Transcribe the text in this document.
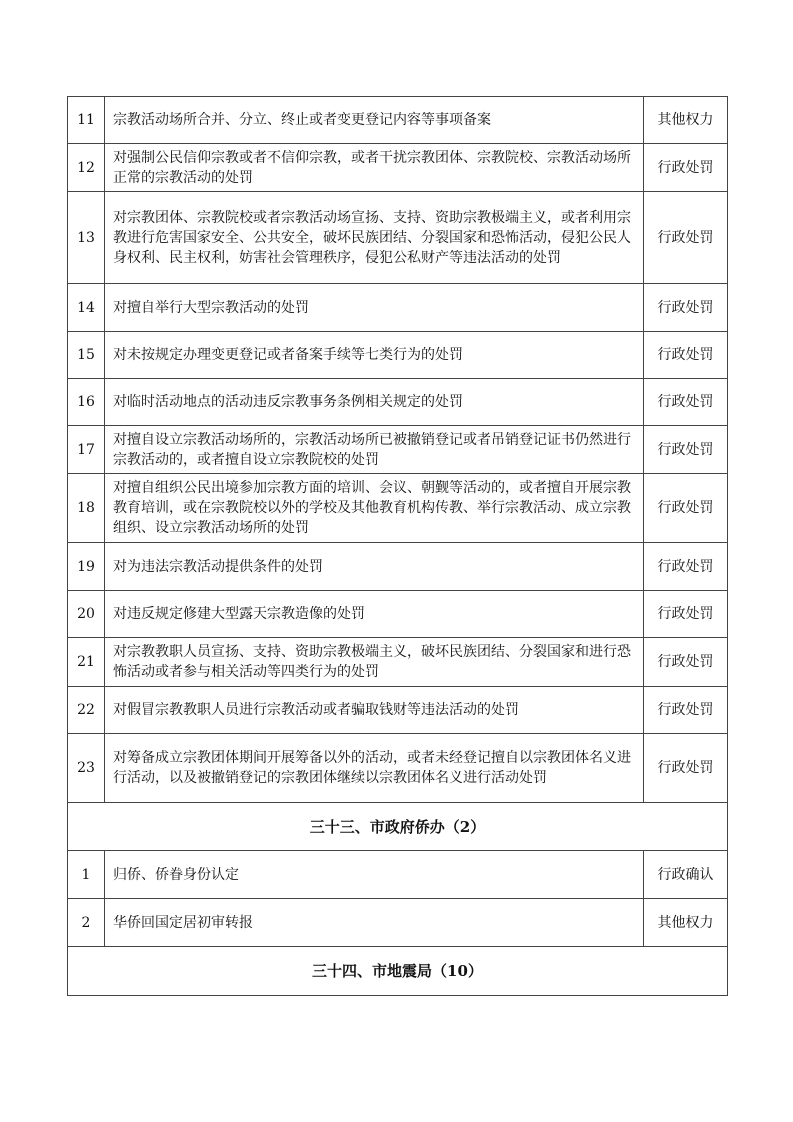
11	宗教活动场所合并、分立、终止或者变更登记内容等事项备案	其他权力
12	对强制公民信仰宗教或者不信仰宗教，或者干扰宗教团体、宗教院校、宗教活动场所正常的宗教活动的处罚	行政处罚
13	对宗教团体、宗教院校或者宗教活动场宣扬、支持、资助宗教极端主义，或者利用宗教进行危害国家安全、公共安全，破坏民族团结、分裂国家和恐怖活动，侵犯公民人身权利、民主权利，妨害社会管理秩序，侵犯公私财产等违法活动的处罚	行政处罚
14	对擅自举行大型宗教活动的处罚	行政处罚
15	对未按规定办理变更登记或者备案手续等七类行为的处罚	行政处罚
16	对临时活动地点的活动违反宗教事务条例相关规定的处罚	行政处罚
17	对擅自设立宗教活动场所的，宗教活动场所已被撤销登记或者吊销登记证书仍然进行宗教活动的，或者擅自设立宗教院校的处罚	行政处罚
18	对擅自组织公民出境参加宗教方面的培训、会议、朝觐等活动的，或者擅自开展宗教教育培训，或在宗教院校以外的学校及其他教育机构传教、举行宗教活动、成立宗教组织、设立宗教活动场所的处罚	行政处罚
19	对为违法宗教活动提供条件的处罚	行政处罚
20	对违反规定修建大型露天宗教造像的处罚	行政处罚
21	对宗教教职人员宣扬、支持、资助宗教极端主义，破坏民族团结、分裂国家和进行恐怖活动或者参与相关活动等四类行为的处罚	行政处罚
22	对假冒宗教教职人员进行宗教活动或者骗取钱财等违法活动的处罚	行政处罚
23	对筹备成立宗教团体期间开展筹备以外的活动，或者未经登记擅自以宗教团体名义进行活动，以及被撤销登记的宗教团体继续以宗教团体名义进行活动处罚	行政处罚
三十三、市政府侨办（2）		
1	归侨、侨眷身份认定	行政确认
2	华侨回国定居初审转报	其他权力
三十四、市地震局（10）		
